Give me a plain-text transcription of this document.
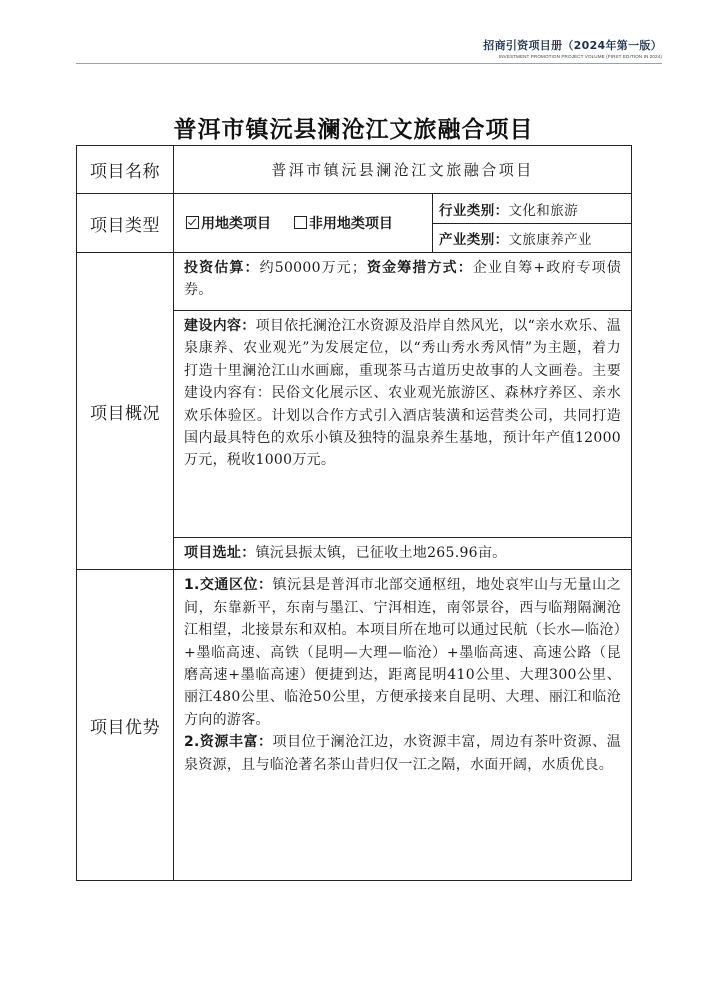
招商引资项目册（2024年第一版）
INVESTMENT PROMOTION PROJECT VOLUME (FIRST EDITION IN 2024)
普洱市镇沅县澜沧江文旅融合项目
项目名称	普洱市镇沅县澜沧江文旅融合项目	
项目类型	用地类项目 非用地类项目	行业类别：文化和旅游
		产业类别：文旅康养产业
项目概况	投资估算：约50000万元；资金筹措方式：企业自筹+政府专项债券。	
	建设内容：项目依托澜沧江水资源及沿岸自然风光，以“亲水欢乐、温泉康养、农业观光”为发展定位，以“秀山秀水秀风情”为主题，着力打造十里澜沧江山水画廊，重现茶马古道历史故事的人文画卷。主要建设内容有：民俗文化展示区、农业观光旅游区、森林疗养区、亲水欢乐体验区。计划以合作方式引入酒店装潢和运营类公司，共同打造国内最具特色的欢乐小镇及独特的温泉养生基地，预计年产值12000万元，税收1000万元。	
	项目选址：镇沅县振太镇，已征收土地265.96亩。	
项目优势	1.交通区位：镇沅县是普洱市北部交通枢纽，地处哀牢山与无量山之间，东靠新平，东南与墨江、宁洱相连，南邻景谷，西与临翔隔澜沧江相望，北接景东和双柏。本项目所在地可以通过民航（长水—临沧）+墨临高速、高铁（昆明—大理—临沧）+墨临高速、高速公路（昆磨高速+墨临高速）便捷到达，距离昆明410公里、大理300公里、丽江480公里、临沧50公里，方便承接来自昆明、大理、丽江和临沧方向的游客。
2.资源丰富：项目位于澜沧江边，水资源丰富，周边有茶叶资源、温泉资源，且与临沧著名茶山昔归仅一江之隔，水面开阔，水质优良。	
